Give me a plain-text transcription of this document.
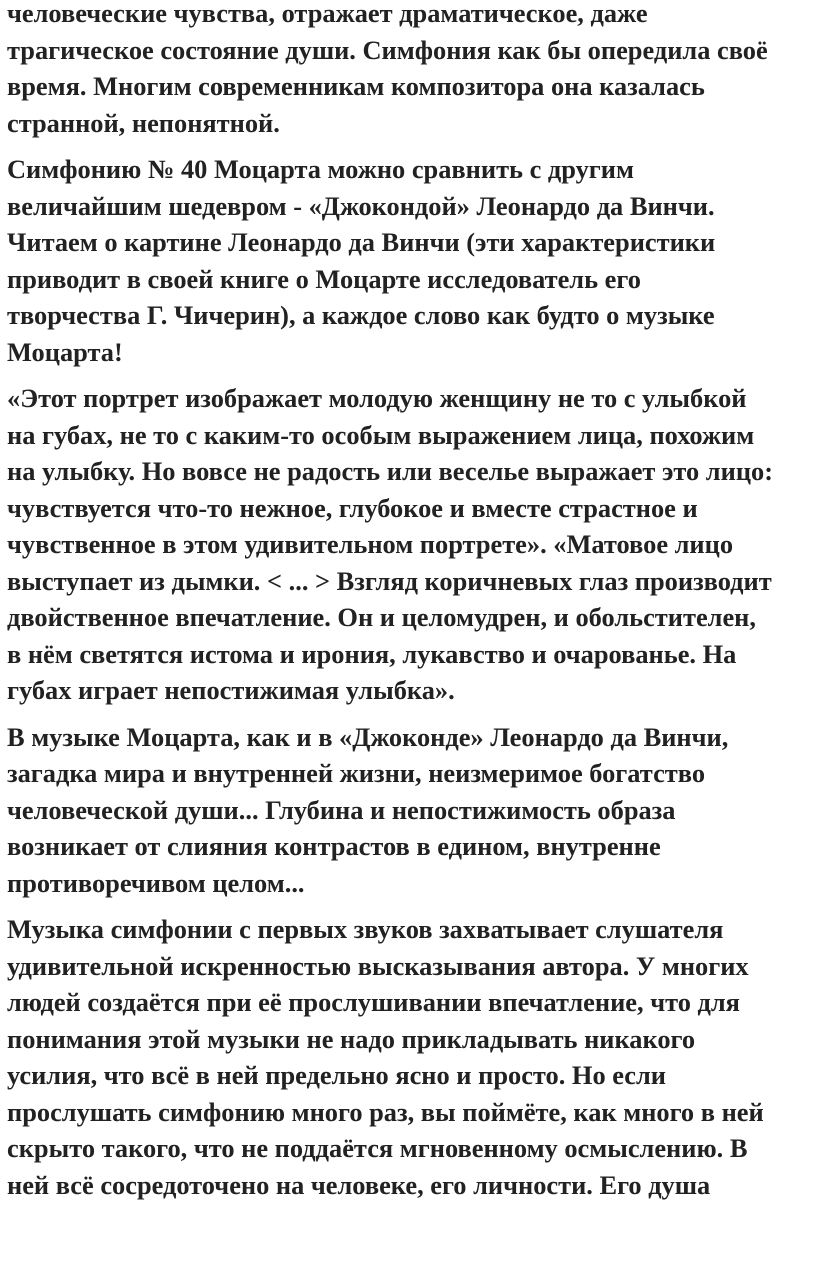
человеческие чувства, отражает драматическое, даже
трагическое состояние души. Симфония как бы опередила своё
время. Многим современникам композитора она казалась
странной, непонятной.

Симфонию № 40 Моцарта можно сравнить с другим
величайшим шедевром - «Джокондой» Леонардо да Винчи.
Читаем о картине Леонардо да Винчи (эти характеристики
приводит в своей книге о Моцарте исследователь его
творчества Г. Чичерин), а каждое слово как будто о музыке
Моцарта!

«Этот портрет изображает молодую женщину не то с улыбкой
на губах, не то с каким-то особым выражением лица, похожим
на улыбку. Но вовсе не радость или веселье выражает это лицо:
чувствуется что-то нежное, глубокое и вместе страстное и
чувственное в этом удивительном портрете». «Матовое лицо
выступает из дымки. < ... > Взгляд коричневых глаз производит
двойственное впечатление. Он и целомудрен, и обольстителен,
в нём светятся истома и ирония, лукавство и очарованье. На
губах играет непостижимая улыбка».

В музыке Моцарта, как и в «Джоконде» Леонардо да Винчи,
загадка мира и внутренней жизни, неизмеримое богатство
человеческой души... Глубина и непостижимость образа
возникает от слияния контрастов в едином, внутренне
противоречивом целом...

Музыка симфонии с первых звуков захватывает слушателя
удивительной искренностью высказывания автора. У многих
людей создаётся при её прослушивании впечатление, что для
понимания этой музыки не надо прикладывать никакого
усилия, что всё в ней предельно ясно и просто. Но если
прослушать симфонию много раз, вы поймёте, как много в ней
скрыто такого, что не поддаётся мгновенному осмыслению. В
ней всё сосредоточено на человеке, его личности. Его душа
